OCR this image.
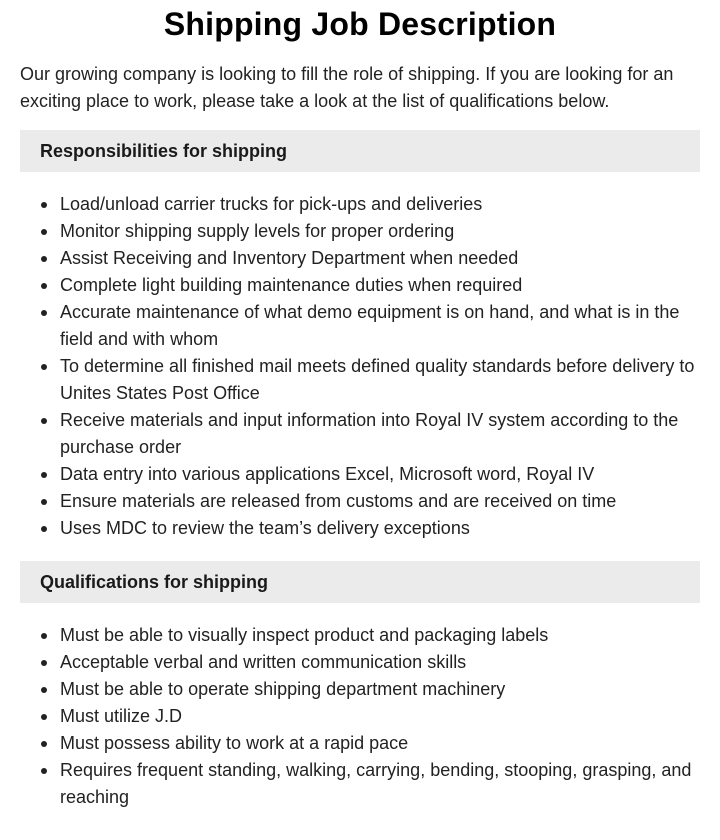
Shipping Job Description

Our growing company is looking to fill the role of shipping. If you are looking for an exciting place to work, please take a look at the list of qualifications below.

Responsibilities for shipping
Load/unload carrier trucks for pick-ups and deliveries
Monitor shipping supply levels for proper ordering
Assist Receiving and Inventory Department when needed
Complete light building maintenance duties when required
Accurate maintenance of what demo equipment is on hand, and what is in the field and with whom
To determine all finished mail meets defined quality standards before delivery to Unites States Post Office
Receive materials and input information into Royal IV system according to the purchase order
Data entry into various applications Excel, Microsoft word, Royal IV
Ensure materials are released from customs and are received on time
Uses MDC to review the team’s delivery exceptions
Qualifications for shipping
Must be able to visually inspect product and packaging labels
Acceptable verbal and written communication skills
Must be able to operate shipping department machinery
Must utilize J.D
Must possess ability to work at a rapid pace
Requires frequent standing, walking, carrying, bending, stooping, grasping, and reaching
